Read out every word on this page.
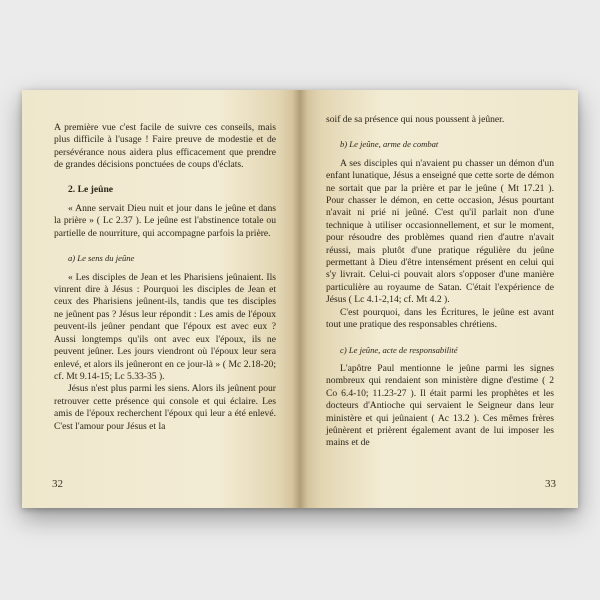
A première vue c'est facile de suivre ces conseils, mais plus difficile à l'usage ! Faire preuve de modestie et de persévérance nous aidera plus efficacement que prendre de grandes décisions ponctuées de coups d'éclats.

2. Le jeûne

« Anne servait Dieu nuit et jour dans le jeûne et dans la prière » ( Lc 2.37 ). Le jeûne est l'abstinence totale ou partielle de nourriture, qui accompagne parfois la prière.

a) Le sens du jeûne

« Les disciples de Jean et les Pharisiens jeûnaient. Ils vinrent dire à Jésus : Pourquoi les disciples de Jean et ceux des Pharisiens jeûnent-ils, tandis que tes disciples ne jeûnent pas ? Jésus leur répondit : Les amis de l'époux peuvent-ils jeûner pendant que l'époux est avec eux ? Aussi longtemps qu'ils ont avec eux l'époux, ils ne peuvent jeûner. Les jours viendront où l'époux leur sera enlevé, et alors ils jeûneront en ce jour-là » ( Mc 2.18-20; cf. Mt 9.14-15; Lc 5.33-35 ).

Jésus n'est plus parmi les siens. Alors ils jeûnent pour retrouver cette présence qui console et qui éclaire. Les amis de l'époux recherchent l'époux qui leur a été enlevé. C'est l'amour pour Jésus et la

32

soif de sa présence qui nous poussent à jeûner.

b) Le jeûne, arme de combat

A ses disciples qui n'avaient pu chasser un démon d'un enfant lunatique, Jésus a enseigné que cette sorte de démon ne sortait que par la prière et par le jeûne ( Mt 17.21 ). Pour chasser le démon, en cette occasion, Jésus pourtant n'avait ni prié ni jeûné. C'est qu'il parlait non d'une technique à utiliser occasionnellement, et sur le moment, pour résoudre des problèmes quand rien d'autre n'avait réussi, mais plutôt d'une pratique régulière du jeûne permettant à Dieu d'être intensément présent en celui qui s'y livrait. Celui-ci pouvait alors s'opposer d'une manière particulière au royaume de Satan. C'était l'expérience de Jésus ( Lc 4.1-2,14; cf. Mt 4.2 ).

C'est pourquoi, dans les Écritures, le jeûne est avant tout une pratique des responsables chrétiens.

c) Le jeûne, acte de responsabilité

L'apôtre Paul mentionne le jeûne parmi les signes nombreux qui rendaient son ministère digne d'estime ( 2 Co 6.4-10; 11.23-27 ). Il était parmi les prophètes et les docteurs d'Antioche qui servaient le Seigneur dans leur ministère et qui jeûnaient ( Ac 13.2 ). Ces mêmes frères jeûnèrent et prièrent également avant de lui imposer les mains et de

33
